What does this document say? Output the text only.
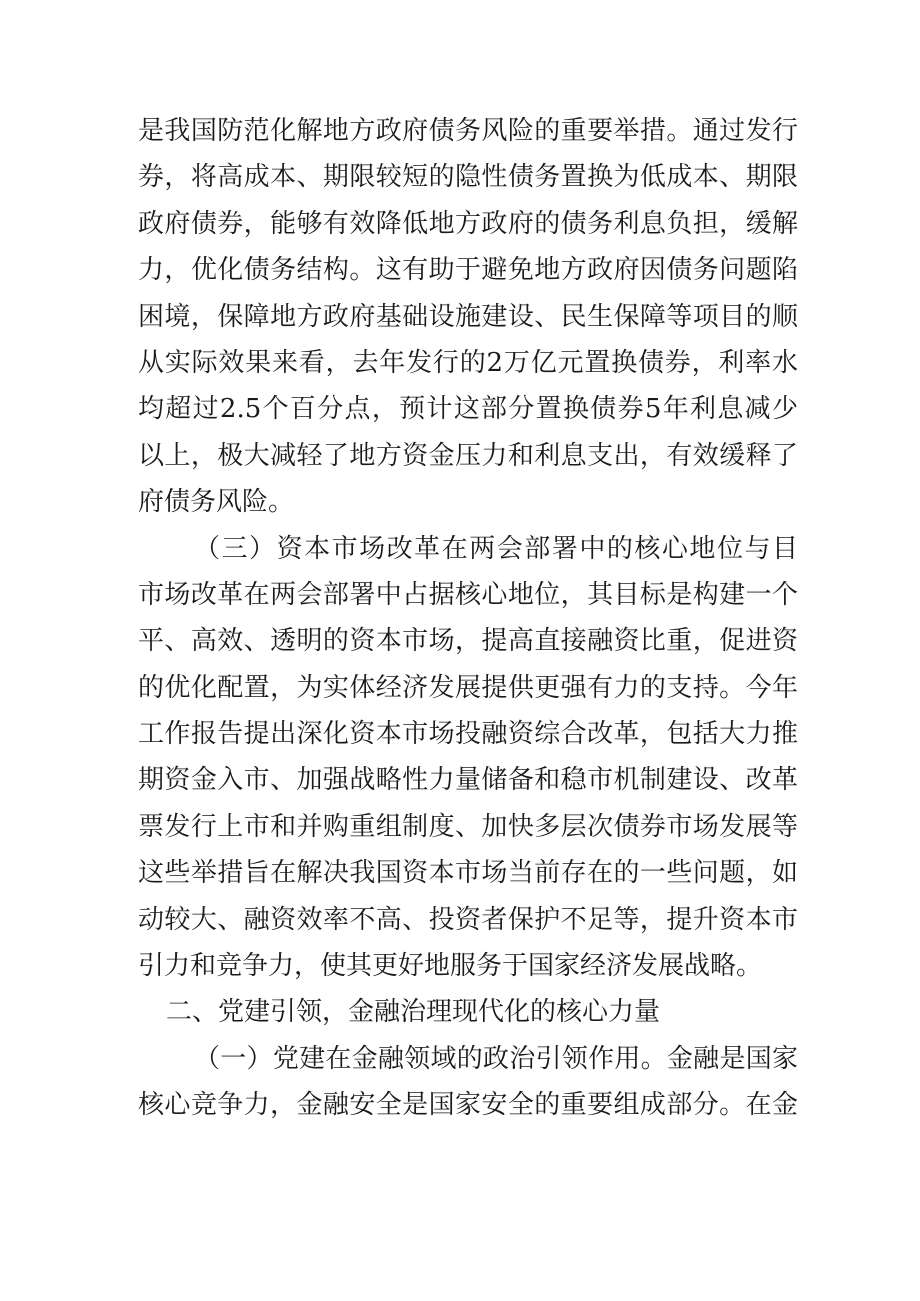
是我国防范化解地方政府债务风险的重要举措。通过发行
券，将高成本、期限较短的隐性债务置换为低成本、期限
政府债券，能够有效降低地方政府的债务利息负担，缓解
力，优化债务结构。这有助于避免地方政府因债务问题陷
困境，保障地方政府基础设施建设、民生保障等项目的顺
从实际效果来看，去年发行的2万亿元置换债券，利率水
均超过2.5个百分点，预计这部分置换债券5年利息减少
以上，极大减轻了地方资金压力和利息支出，有效缓释了
府债务风险。
（三）资本市场改革在两会部署中的核心地位与目
市场改革在两会部署中占据核心地位，其目标是构建一个
平、高效、透明的资本市场，提高直接融资比重，促进资
的优化配置，为实体经济发展提供更强有力的支持。今年
工作报告提出深化资本市场投融资综合改革，包括大力推
期资金入市、加强战略性力量储备和稳市机制建设、改革
票发行上市和并购重组制度、加快多层次债券市场发展等
这些举措旨在解决我国资本市场当前存在的一些问题，如
动较大、融资效率不高、投资者保护不足等，提升资本市
引力和竞争力，使其更好地服务于国家经济发展战略。
二、党建引领，金融治理现代化的核心力量
（一）党建在金融领域的政治引领作用。金融是国家
核心竞争力，金融安全是国家安全的重要组成部分。在金
